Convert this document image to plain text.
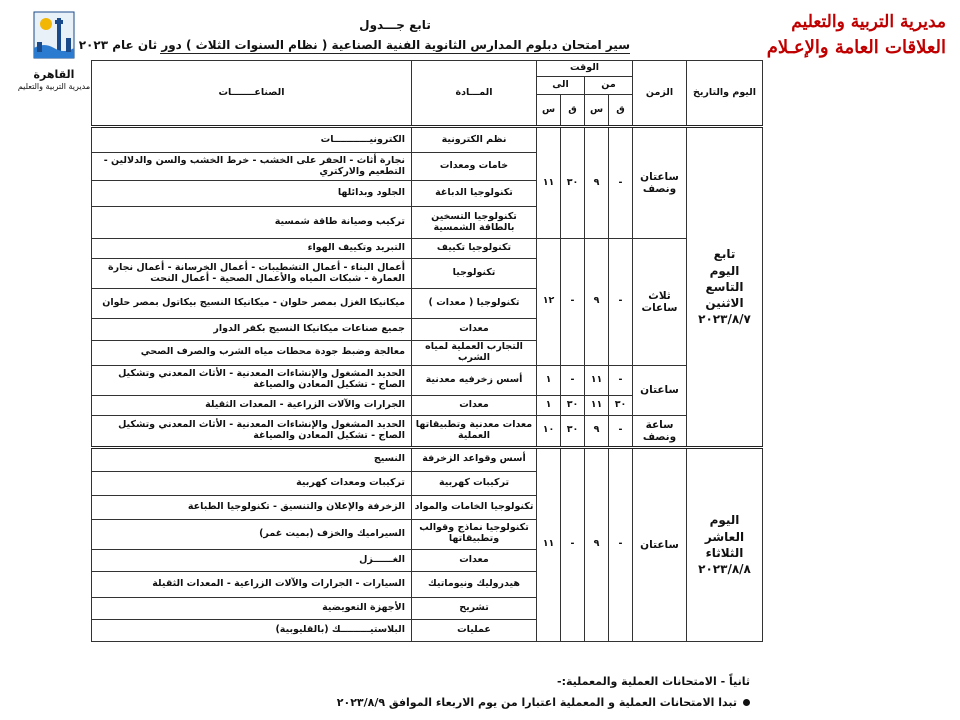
القاهرة
مديرية التربية والتعليم
مديرية التربية والتعليم
العلاقات العامة والإعـلام
تابع جـــدول
سير امتحان دبلوم المدارس الثانوية الفنية الصناعية ( نظام السنوات الثلاث ) دور ثان عام ٢٠٢٣
اليوم والتاريخ	الزمن	الوقت				المـــادة	الصناعـــــــات
		من		الى			
		ق	س	ق	س		

تابع
اليوم
التاسع
الاثنين
٢٠٢٣/٨/٧	ساعتان ونصف	-	٩	٣٠	١١	نظم الكترونية	الكترونيـــــــــــات
						خامات ومعدات	نجارة أثاث - الحفر على الخشب - خرط الخشب والسن والدلالين - التطعيم والاركتري
						تكنولوجيا الدباغة	الجلود وبدائلها
						تكنولوجيا التسخين بالطاقة الشمسية	تركيب وصيانة طاقة شمسية
	ثلاث ساعات	-	٩	-	١٢	تكنولوجيا تكييف	التبريد وتكييف الهواء
						تكنولوجيا	أعمال البناء - أعمال التشطيبات - أعمال الخرسانة - أعمال نجارة العمارة - شبكات المياه والأعمال الصحية - أعمال النحت
						تكنولوجيا ( معدات )	ميكانيكا الغزل بمصر حلوان - ميكانيكا النسيج بيكاتول بمصر حلوان
						معدات	جميع صناعات ميكانيكا النسيج بكفر الدوار
						التجارب العملية لمياه الشرب	معالجة وضبط جودة محطات مياه الشرب والصرف الصحي
	ساعتان	-	١١	-	١	أسس زخرفيه معدنية	الحديد المشغول والإنشاءات المعدنية - الأثاث المعدني وتشكيل الصاج - تشكيل المعادن والصياغة
		٣٠	١١	٣٠	١	معدات	الجرارات والآلات الزراعية - المعدات الثقيلة
	ساعة ونصف	-	٩	٣٠	١٠	معدات معدنية وتطبيقاتها العملية	الحديد المشغول والإنشاءات المعدنية - الأثاث المعدني وتشكيل الصاج - تشكيل المعادن والصياغة

اليوم
العاشر
الثلاثاء
٢٠٢٣/٨/٨	ساعتان	-	٩	-	١١	أسس وقواعد الزخرفة	النسيج
						تركيبات كهربية	تركيبات ومعدات كهربية
						تكنولوجيا الخامات والمواد	الزخرفة والإعلان والتنسيق - تكنولوجيا الطباعة
						تكنولوجيا نماذج وقوالب وتطبيقاتها	السيراميك والخزف (بميت غمر)
						معدات	الغــــــزل
						هيدروليك ونيوماتيك	السيارات - الجرارات والآلات الزراعية - المعدات الثقيلة
						تشريح	الأجهزة التعويضية
						عمليات	البلاستيـــــــــك (بالقليوبية)
ثانياً - الامتحانات العملية والمعملية:-
تبدا الامتحانات العملية و المعملية اعتبارا من يوم الاربعاء الموافق ٢٠٢٣/٨/٩
